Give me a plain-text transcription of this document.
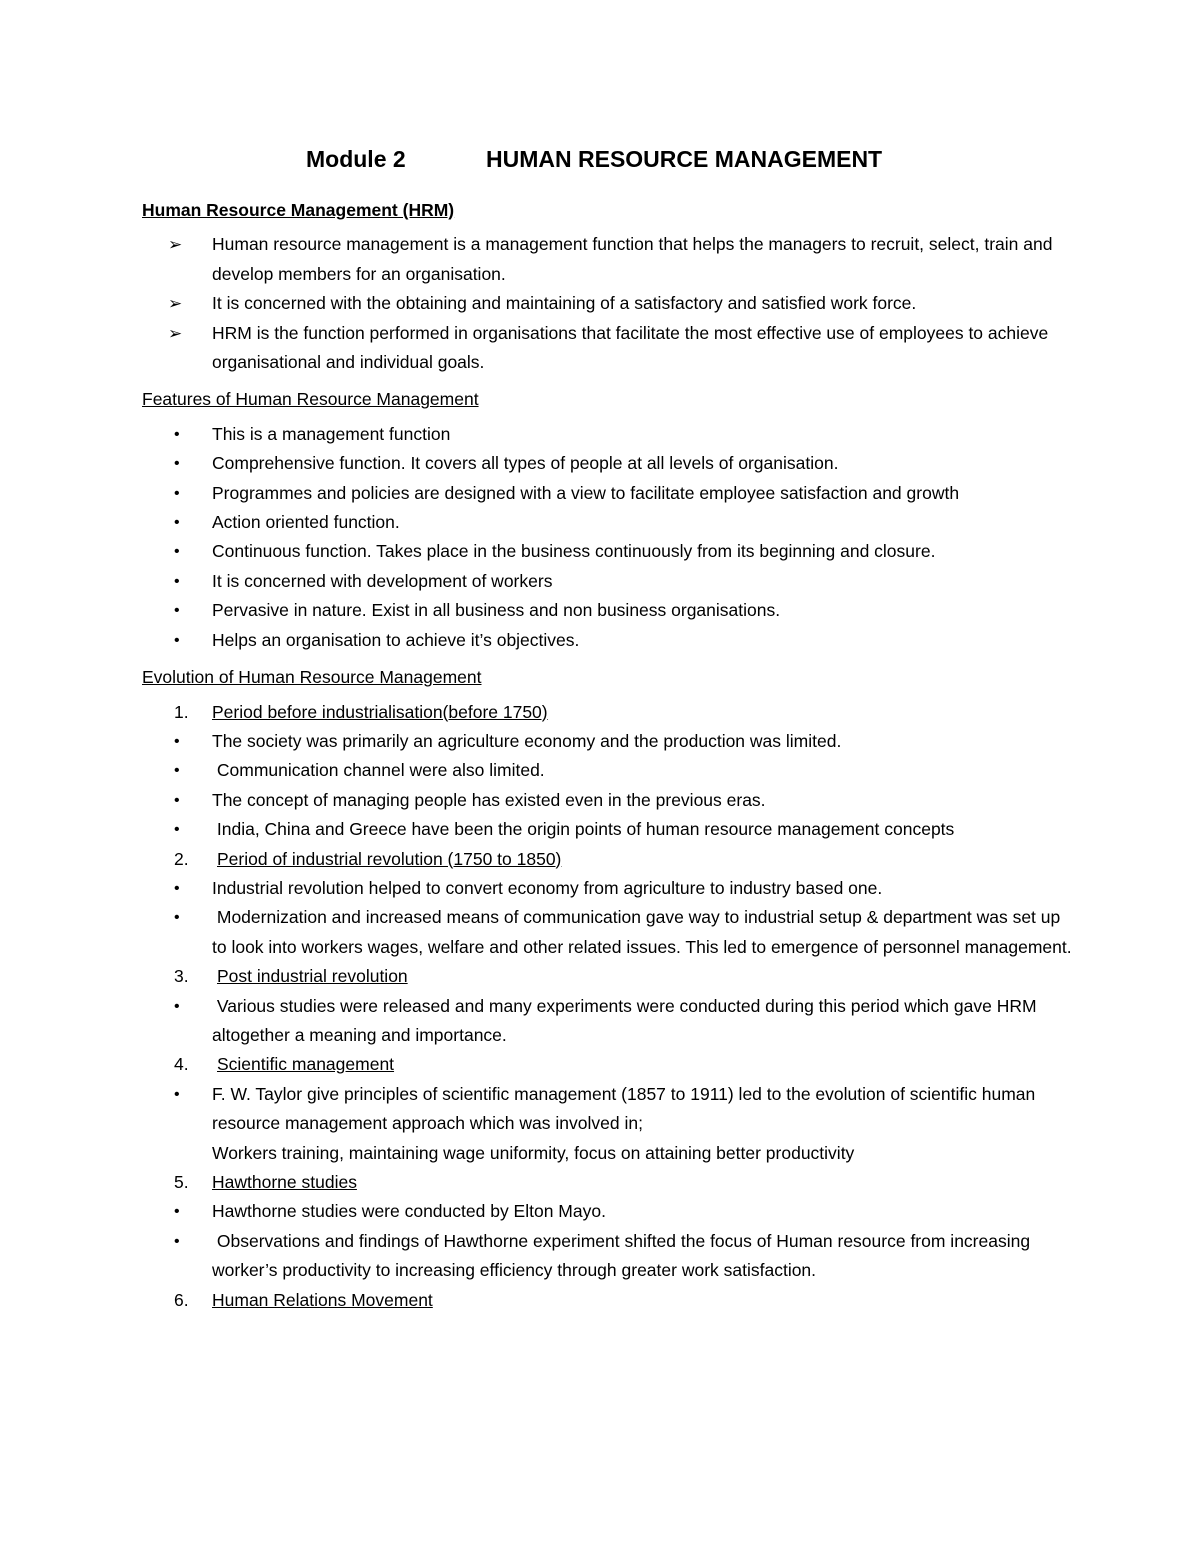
Module 2	HUMAN RESOURCE MANAGEMENT
Human Resource Management (HRM)
➢	Human resource management is a management function that helps the managers to recruit, select, train and develop members for an organisation.
➢	It is concerned with the obtaining and maintaining of a satisfactory and satisfied work force.
➢	HRM is the function performed in organisations that facilitate the most effective use of employees to achieve organisational and individual goals.
Features of Human Resource Management
•	This is a management function
•	Comprehensive function. It covers all types of people at all levels of organisation.
•	Programmes and policies are designed with a view to facilitate employee satisfaction and growth
•	Action oriented function.
•	Continuous function. Takes place in the business continuously from its beginning and closure.
•	It is concerned with development of workers
•	Pervasive in nature. Exist in all business and non business organisations.
•	Helps an organisation to achieve it’s objectives.
Evolution of Human Resource Management
1.	Period before industrialisation(before 1750)
•	The society was primarily an agriculture economy and the production was limited.
•	Communication channel were also limited.
•	The concept of managing people has existed even in the previous eras.
•	India, China and Greece have been the origin points of human resource management concepts
2.	Period of industrial revolution (1750 to 1850)
•	Industrial revolution helped to convert economy from agriculture to industry based one.
•	Modernization and increased means of communication gave way to industrial setup & department was set up to look into workers wages, welfare and other related issues. This led to emergence of personnel management.
3.	Post industrial revolution
•	Various studies were released and many experiments were conducted during this period which gave HRM altogether a meaning and importance.
4.	Scientific management
•	F. W. Taylor give principles of scientific management (1857 to 1911) led to the evolution of scientific human resource management approach which was involved in;
Workers training, maintaining wage uniformity, focus on attaining better productivity
5.	Hawthorne studies
•	Hawthorne studies were conducted by Elton Mayo.
•	Observations and findings of Hawthorne experiment shifted the focus of Human resource from increasing worker’s productivity to increasing efficiency through greater work satisfaction.
6.	Human Relations Movement
